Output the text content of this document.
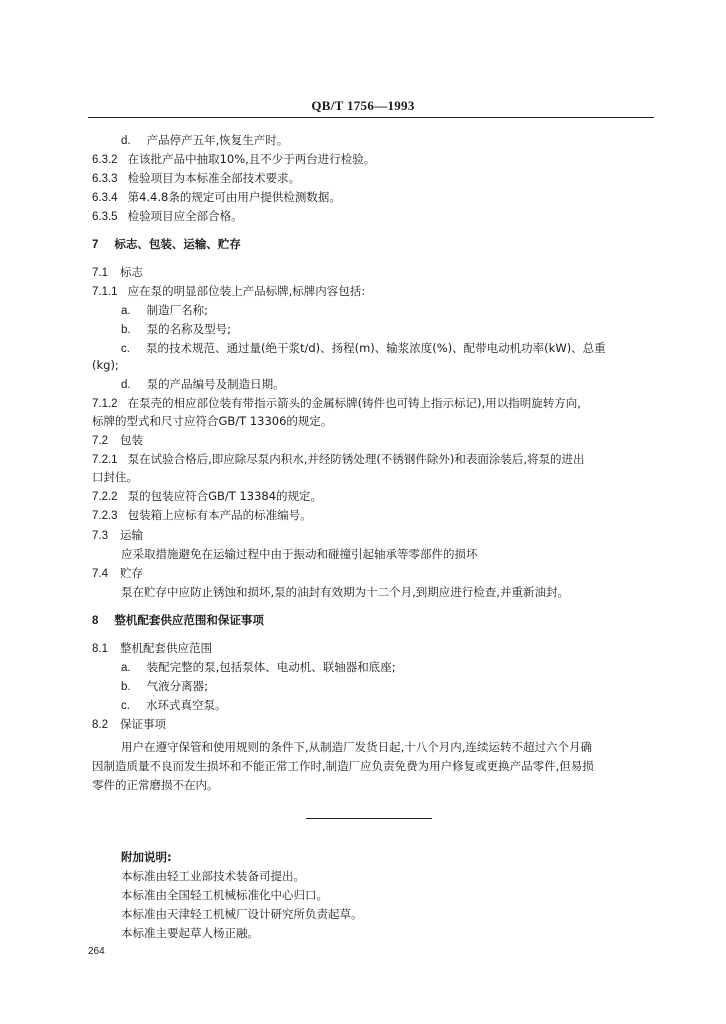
QB/T 1756—1993
d. 产品停产五年,恢复生产时。
6.3.2 在该批产品中抽取10%,且不少于两台进行检验。
6.3.3 检验项目为本标准全部技术要求。
6.3.4 第4.4.8条的规定可由用户提供检测数据。
6.3.5 检验项目应全部合格。
7 标志、包装、运输、贮存
7.1 标志
7.1.1 应在泵的明显部位装上产品标牌,标牌内容包括:
a. 制造厂名称;
b. 泵的名称及型号;
c. 泵的技术规范、通过量(绝干浆t/d)、扬程(m)、输浆浓度(%)、配带电动机功率(kW)、总重
(kg);
d. 泵的产品编号及制造日期。
7.1.2 在泵壳的相应部位装有带指示箭头的金属标牌(铸件也可铸上指示标记),用以指明旋转方向,
标牌的型式和尺寸应符合GB/T 13306的规定。
7.2 包装
7.2.1 泵在试验合格后,即应除尽泵内积水,并经防锈处理(不锈钢件除外)和表面涂装后,将泵的进出
口封住。
7.2.2 泵的包装应符合GB/T 13384的规定。
7.2.3 包装箱上应标有本产品的标准编号。
7.3 运输
应采取措施避免在运输过程中由于振动和碰撞引起轴承等零部件的损坏
7.4 贮存
泵在贮存中应防止锈蚀和损坏,泵的油封有效期为十二个月,到期应进行检查,并重新油封。
8 整机配套供应范围和保证事项
8.1 整机配套供应范围
a. 装配完整的泵,包括泵体、电动机、联轴器和底座;
b. 气液分离器;
c. 水环式真空泵。
8.2 保证事项
用户在遵守保管和使用规则的条件下,从制造厂发货日起,十八个月内,连续运转不超过六个月确
因制造质量不良而发生损坏和不能正常工作时,制造厂应负责免费为用户修复或更换产品零件,但易损
零件的正常磨损不在内。
附加说明:
本标准由轻工业部技术装备司提出。
本标准由全国轻工机械标准化中心归口。
本标准由天津轻工机械厂设计研究所负责起草。
本标准主要起草人杨正融。
264
